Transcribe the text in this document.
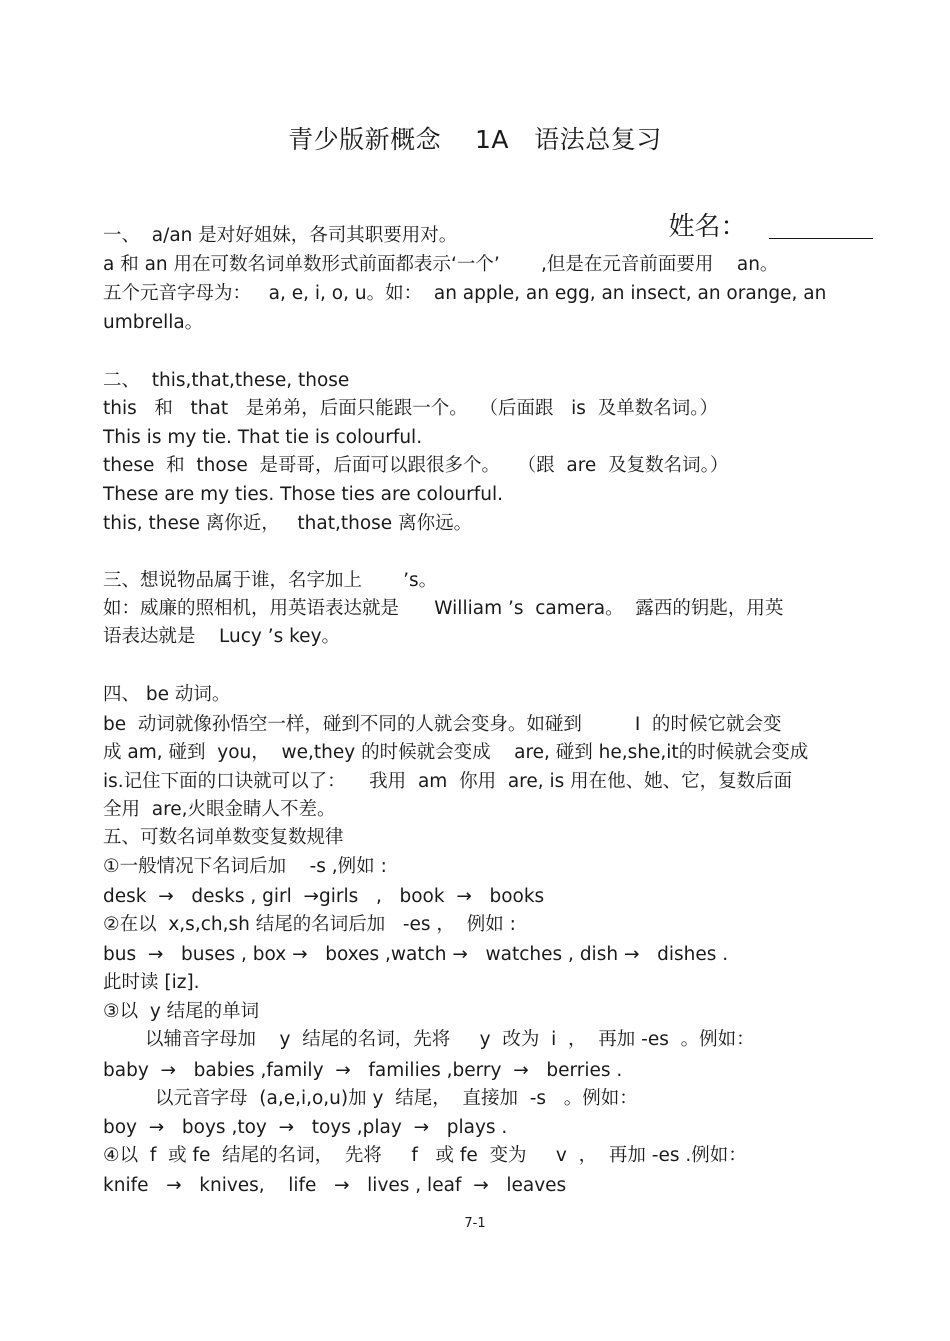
青少版新概念    1A   语法总复习

姓名：

一、  a/an 是对好姐妹，各司其职要用对。
a 和 an 用在可数名词单数形式前面都表示‘一个’       ,但是在元音前面要用    an。
五个元音字母为：   a, e, i, o, u。如：  an apple, an egg, an insect, an orange, an
umbrella。
二、  this,that,these, those
this   和   that   是弟弟，后面只能跟一个。  （后面跟   is  及单数名词。）
This is my tie. That tie is colourful.
these  和  those  是哥哥，后面可以跟很多个。   （跟  are  及复数名词。）
These are my ties. Those ties are colourful.
this, these 离你近，   that,those 离你远。
三、想说物品属于谁，名字加上       ’s。
如：威廉的照相机，用英语表达就是      William ’s  camera。  露西的钥匙，用英
语表达就是    Lucy ’s key。
四、 be 动词。
be  动词就像孙悟空一样，碰到不同的人就会变身。如碰到         I  的时候它就会变
成 am, 碰到  you，  we,they 的时候就会变成    are, 碰到 he,she,it的时候就会变成
is.记住下面的口诀就可以了：    我用  am  你用  are, is 用在他、她、它，复数后面
全用  are,火眼金睛人不差。
五、可数名词单数变复数规律
①一般情况下名词后加    -s ,例如 :
desk  →   desks , girl  →girls   ,   book  →   books
②在以  x,s,ch,sh 结尾的名词后加   -es ，  例如 :
bus  →   buses , box →   boxes ,watch →   watches , dish →   dishes .
此时读 [iz].
③以  y 结尾的单词
以辅音字母加    y  结尾的名词，先将     y  改为  i  ，  再加 -es  。例如：
baby  →   babies ,family  →   families ,berry  →   berries .
以元音字母  (a,e,i,o,u)加 y  结尾，  直接加  -s   。例如：
boy  →   boys ,toy  →   toys ,play  →   plays .
④以  f  或 fe  结尾的名词，  先将     f   或 fe  变为     v  ，  再加 -es .例如：
knife   →   knives,    life   →   lives , leaf  →   leaves
7-1
